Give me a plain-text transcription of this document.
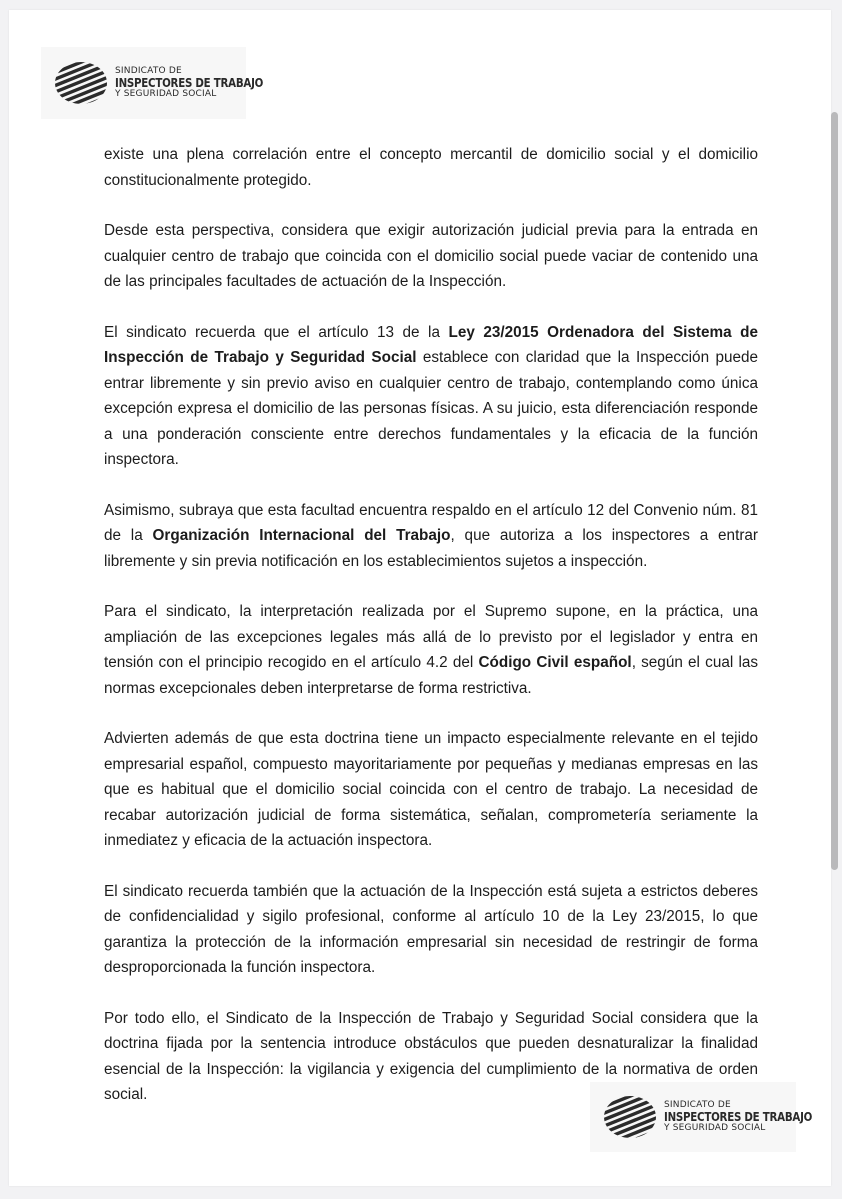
SINDICATO DE
INSPECTORES DE TRABAJO
Y SEGURIDAD SOCIAL

existe una plena correlación entre el concepto mercantil de domicilio social y el domicilio constitucionalmente protegido.

Desde esta perspectiva, considera que exigir autorización judicial previa para la entrada en cualquier centro de trabajo que coincida con el domicilio social puede vaciar de contenido una de las principales facultades de actuación de la Inspección.

El sindicato recuerda que el artículo 13 de la Ley 23/2015 Ordenadora del Sistema de Inspección de Trabajo y Seguridad Social establece con claridad que la Inspección puede entrar libremente y sin previo aviso en cualquier centro de trabajo, contemplando como única excepción expresa el domicilio de las personas físicas. A su juicio, esta diferenciación responde a una ponderación consciente entre derechos fundamentales y la eficacia de la función inspectora.

Asimismo, subraya que esta facultad encuentra respaldo en el artículo 12 del Convenio núm. 81 de la Organización Internacional del Trabajo, que autoriza a los inspectores a entrar libremente y sin previa notificación en los establecimientos sujetos a inspección.

Para el sindicato, la interpretación realizada por el Supremo supone, en la práctica, una ampliación de las excepciones legales más allá de lo previsto por el legislador y entra en tensión con el principio recogido en el artículo 4.2 del Código Civil español, según el cual las normas excepcionales deben interpretarse de forma restrictiva.

Advierten además de que esta doctrina tiene un impacto especialmente relevante en el tejido empresarial español, compuesto mayoritariamente por pequeñas y medianas empresas en las que es habitual que el domicilio social coincida con el centro de trabajo. La necesidad de recabar autorización judicial de forma sistemática, señalan, comprometería seriamente la inmediatez y eficacia de la actuación inspectora.

El sindicato recuerda también que la actuación de la Inspección está sujeta a estrictos deberes de confidencialidad y sigilo profesional, conforme al artículo 10 de la Ley 23/2015, lo que garantiza la protección de la información empresarial sin necesidad de restringir de forma desproporcionada la función inspectora.

Por todo ello, el Sindicato de la Inspección de Trabajo y Seguridad Social considera que la doctrina fijada por la sentencia introduce obstáculos que pueden desnaturalizar la finalidad esencial de la Inspección: la vigilancia y exigencia del cumplimiento de la normativa de orden social.

SINDICATO DE
INSPECTORES DE TRABAJO
Y SEGURIDAD SOCIAL
